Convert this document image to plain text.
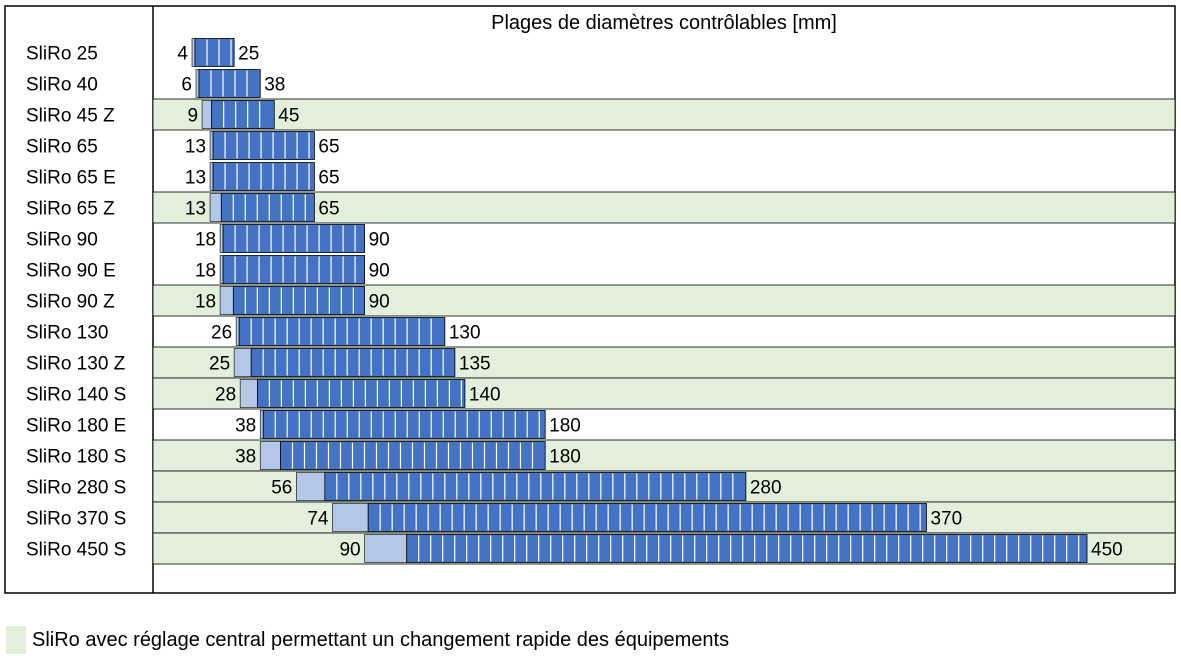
SliRo 25	4	25
SliRo 40	6	38
SliRo 45 Z	9	45
SliRo 65	13	65
SliRo 65 E	13	65
SliRo 65 Z	13	65
SliRo 90	18	90
SliRo 90 E	18	90
SliRo 90 Z	18	90
SliRo 130	26	130
SliRo 130 Z	25	135
SliRo 140 S	28	140
SliRo 180 E	38	180
SliRo 180 S	38	180
SliRo 280 S	56	280
SliRo 370 S	74	370
SliRo 450 S	90	450
Plages de diamètres contrôlables [mm]
SliRo avec réglage central permettant un changement rapide des équipements
